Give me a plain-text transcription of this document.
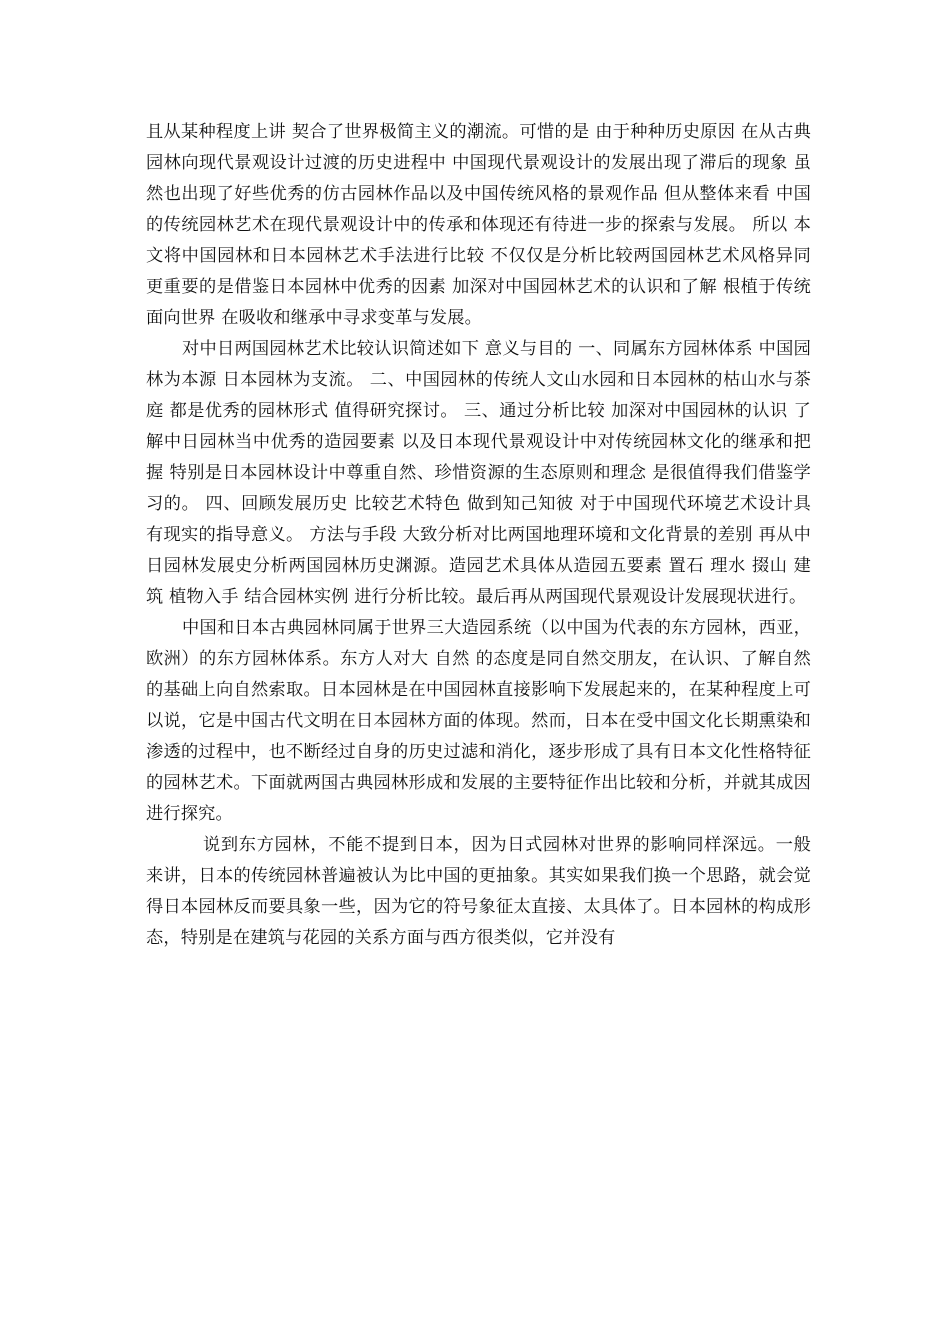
且从某种程度上讲 契合了世界极简主义的潮流。可惜的是 由于种种历史原因 在从古典园林向现代景观设计过渡的历史进程中 中国现代景观设计的发展出现了滞后的现象 虽然也出现了好些优秀的仿古园林作品以及中国传统风格的景观作品 但从整体来看 中国的传统园林艺术在现代景观设计中的传承和体现还有待进一步的探索与发展。 所以 本文将中国园林和日本园林艺术手法进行比较 不仅仅是分析比较两国园林艺术风格异同 更重要的是借鉴日本园林中优秀的因素 加深对中国园林艺术的认识和了解 根植于传统 面向世界 在吸收和继承中寻求变革与发展。

对中日两国园林艺术比较认识简述如下 意义与目的 一、同属东方园林体系 中国园林为本源 日本园林为支流。 二、中国园林的传统人文山水园和日本园林的枯山水与茶庭 都是优秀的园林形式 值得研究探讨。 三、通过分析比较 加深对中国园林的认识 了解中日园林当中优秀的造园要素 以及日本现代景观设计中对传统园林文化的继承和把握 特别是日本园林设计中尊重自然、珍惜资源的生态原则和理念 是很值得我们借鉴学习的。 四、回顾发展历史 比较艺术特色 做到知己知彼 对于中国现代环境艺术设计具有现实的指导意义。 方法与手段 大致分析对比两国地理环境和文化背景的差别 再从中日园林发展史分析两国园林历史渊源。造园艺术具体从造园五要素 置石 理水 掇山 建筑 植物入手 结合园林实例 进行分析比较。最后再从两国现代景观设计发展现状进行。

中国和日本古典园林同属于世界三大造园系统（以中国为代表的东方园林，西亚，欧洲）的东方园林体系。东方人对大 自然 的态度是同自然交朋友，在认识、了解自然的基础上向自然索取。日本园林是在中国园林直接影响下发展起来的，在某种程度上可以说，它是中国古代文明在日本园林方面的体现。然而，日本在受中国文化长期熏染和渗透的过程中，也不断经过自身的历史过滤和消化，逐步形成了具有日本文化性格特征的园林艺术。下面就两国古典园林形成和发展的主要特征作出比较和分析，并就其成因进行探究。

说到东方园林，不能不提到日本，因为日式园林对世界的影响同样深远。一般来讲，日本的传统园林普遍被认为比中国的更抽象。其实如果我们换一个思路，就会觉得日本园林反而要具象一些，因为它的符号象征太直接、太具体了。日本园林的构成形态，特别是在建筑与花园的关系方面与西方很类似，它并没有
